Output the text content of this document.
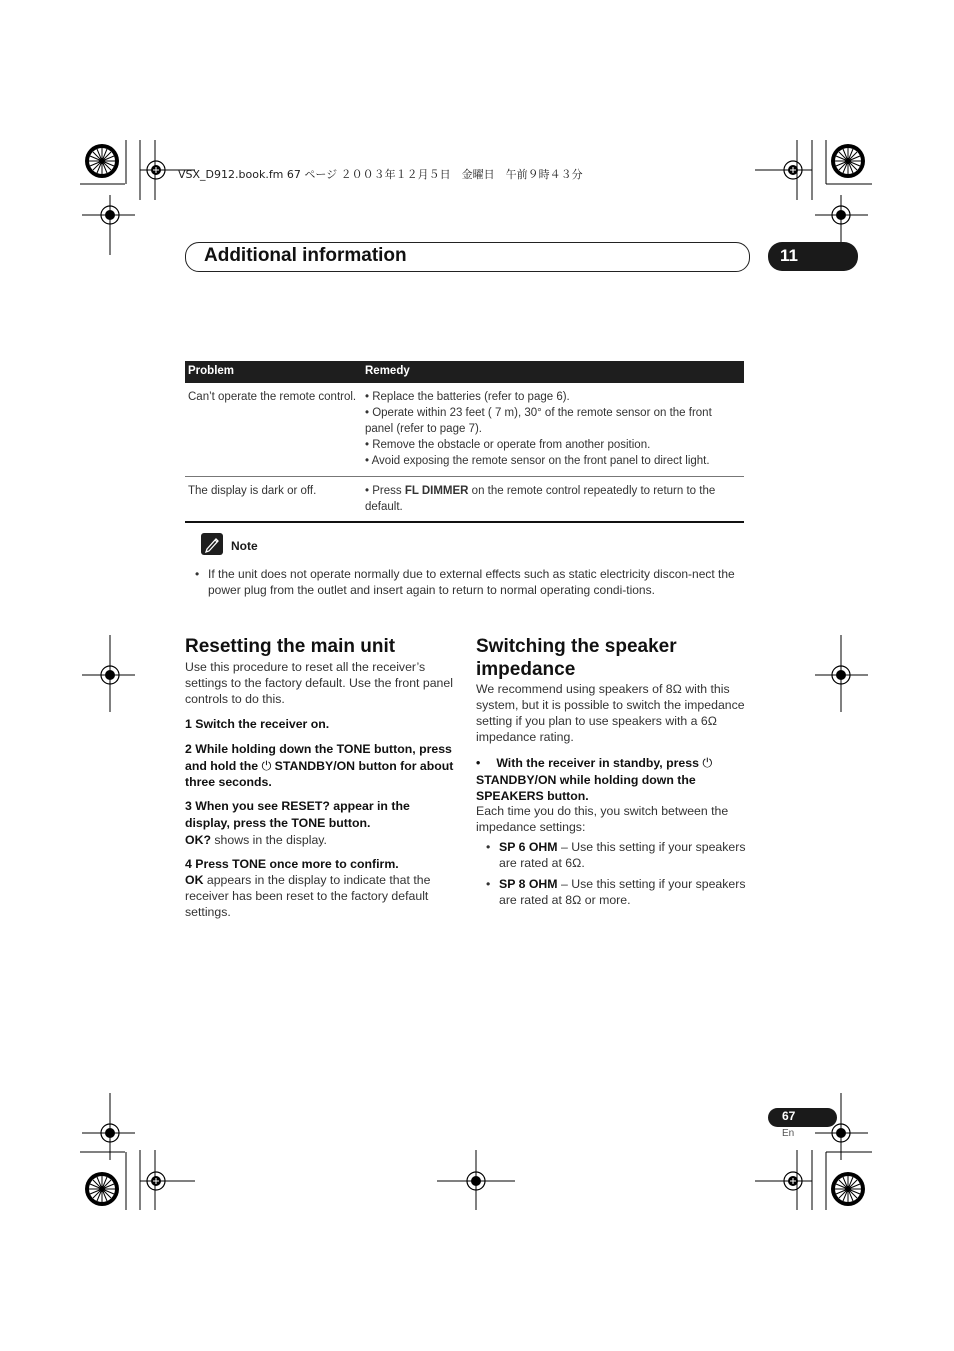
VSX_D912.book.fm 67 ページ ２００３年１２月５日　金曜日　午前９時４３分
Additional information	11
Problem	Remedy
Can’t operate the remote control.	• Replace the batteries (refer to page 6).
• Operate within 23 feet ( 7 m), 30° of the remote sensor on the front panel (refer to page 7).
• Remove the obstacle or operate from another position.
• Avoid exposing the remote sensor on the front panel to direct light.

The display is dark or off.	• Press FL DIMMER on the remote control repeatedly to return to the default.
Note
• If the unit does not operate normally due to external effects such as static electricity discon-nect the power plug from the outlet and insert again to return to normal operating condi-tions.
Resetting the main unit
Use this procedure to reset all the receiver’s settings to the factory default. Use the front panel controls to do this.
1 Switch the receiver on.
2 While holding down the TONE button, press and hold the ⏻ STANDBY/ON button for about three seconds.
3 When you see RESET? appear in the display, press the TONE button.
OK? shows in the display.
4 Press TONE once more to confirm.
OK appears in the display to indicate that the receiver has been reset to the factory default settings.
Switching the speaker impedance
We recommend using speakers of 8Ω with this system, but it is possible to switch the impedance setting if you plan to use speakers with a 6Ω impedance rating.
• With the receiver in standby, press ⏻ STANDBY/ON while holding down the SPEAKERS button.
Each time you do this, you switch between the impedance settings:
• SP 6 OHM – Use this setting if your speakers are rated at 6Ω.
• SP 8 OHM – Use this setting if your speakers are rated at 8Ω or more.
67
En
